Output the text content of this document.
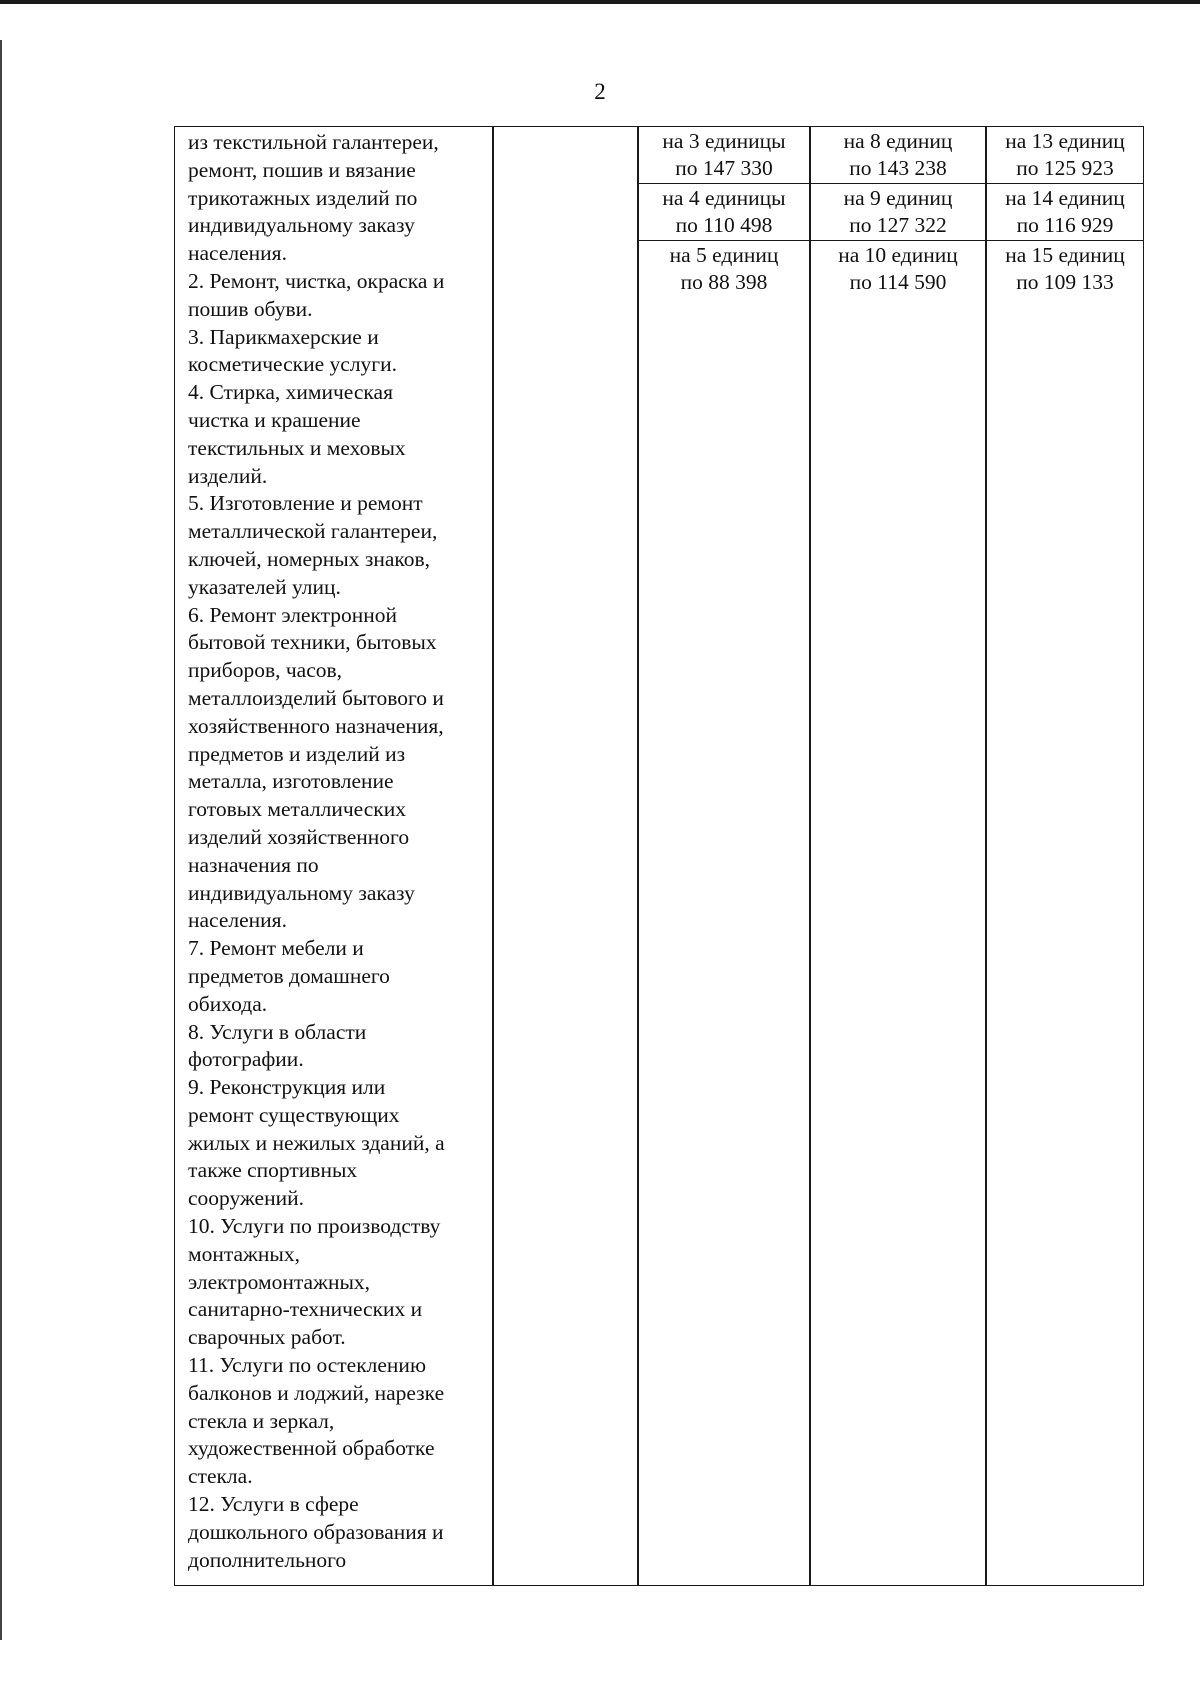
2
из текстильной галантереи,
ремонт, пошив и вязание
трикотажных изделий по
индивидуальному заказу
населения.
2. Ремонт, чистка, окраска и
пошив обуви.
3. Парикмахерские и
косметические услуги.
4. Стирка, химическая
чистка и крашение
текстильных и меховых
изделий.
5. Изготовление и ремонт
металлической галантереи,
ключей, номерных знаков,
указателей улиц.
6. Ремонт электронной
бытовой техники, бытовых
приборов, часов,
металлоизделий бытового и
хозяйственного назначения,
предметов и изделий из
металла, изготовление
готовых металлических
изделий хозяйственного
назначения по
индивидуальному заказу
населения.
7. Ремонт мебели и
предметов домашнего
обихода.
8. Услуги в области
фотографии.
9. Реконструкция или
ремонт существующих
жилых и нежилых зданий, а
также спортивных
сооружений.
10. Услуги по производству
монтажных,
электромонтажных,
санитарно-технических и
сварочных работ.
11. Услуги по остеклению
балконов и лоджий, нарезке
стекла и зеркал,
художественной обработке
стекла.
12. Услуги в сфере
дошкольного образования и
дополнительного
на 3 единицы
по 147 330
на 4 единицы
по 110 498
на 5 единиц
по 88 398
на 8 единиц
по 143 238
на 9 единиц
по 127 322
на 10 единиц
по 114 590
на 13 единиц
по 125 923
на 14 единиц
по 116 929
на 15 единиц
по 109 133
